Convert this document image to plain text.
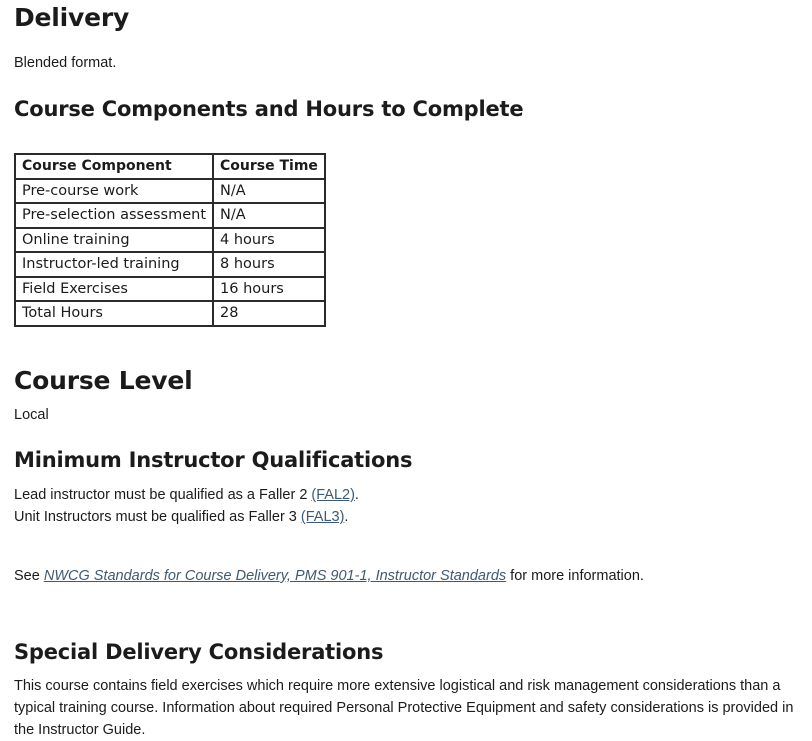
Delivery

Blended format.

Course Components and Hours to Complete
Course Component	Course Time
Pre-course work	N/A
Pre-selection assessment	N/A
Online training	4 hours
Instructor-led training	8 hours
Field Exercises	16 hours
Total Hours	28
Course Level

Local

Minimum Instructor Qualifications

Lead instructor must be qualified as a Faller 2 (FAL2).
Unit Instructors must be qualified as Faller 3 (FAL3).

See NWCG Standards for Course Delivery, PMS 901-1, Instructor Standards for more information.

Special Delivery Considerations

This course contains field exercises which require more extensive logistical and risk management considerations than a typical training course. Information about required Personal Protective Equipment and safety considerations is provided in the Instructor Guide.
